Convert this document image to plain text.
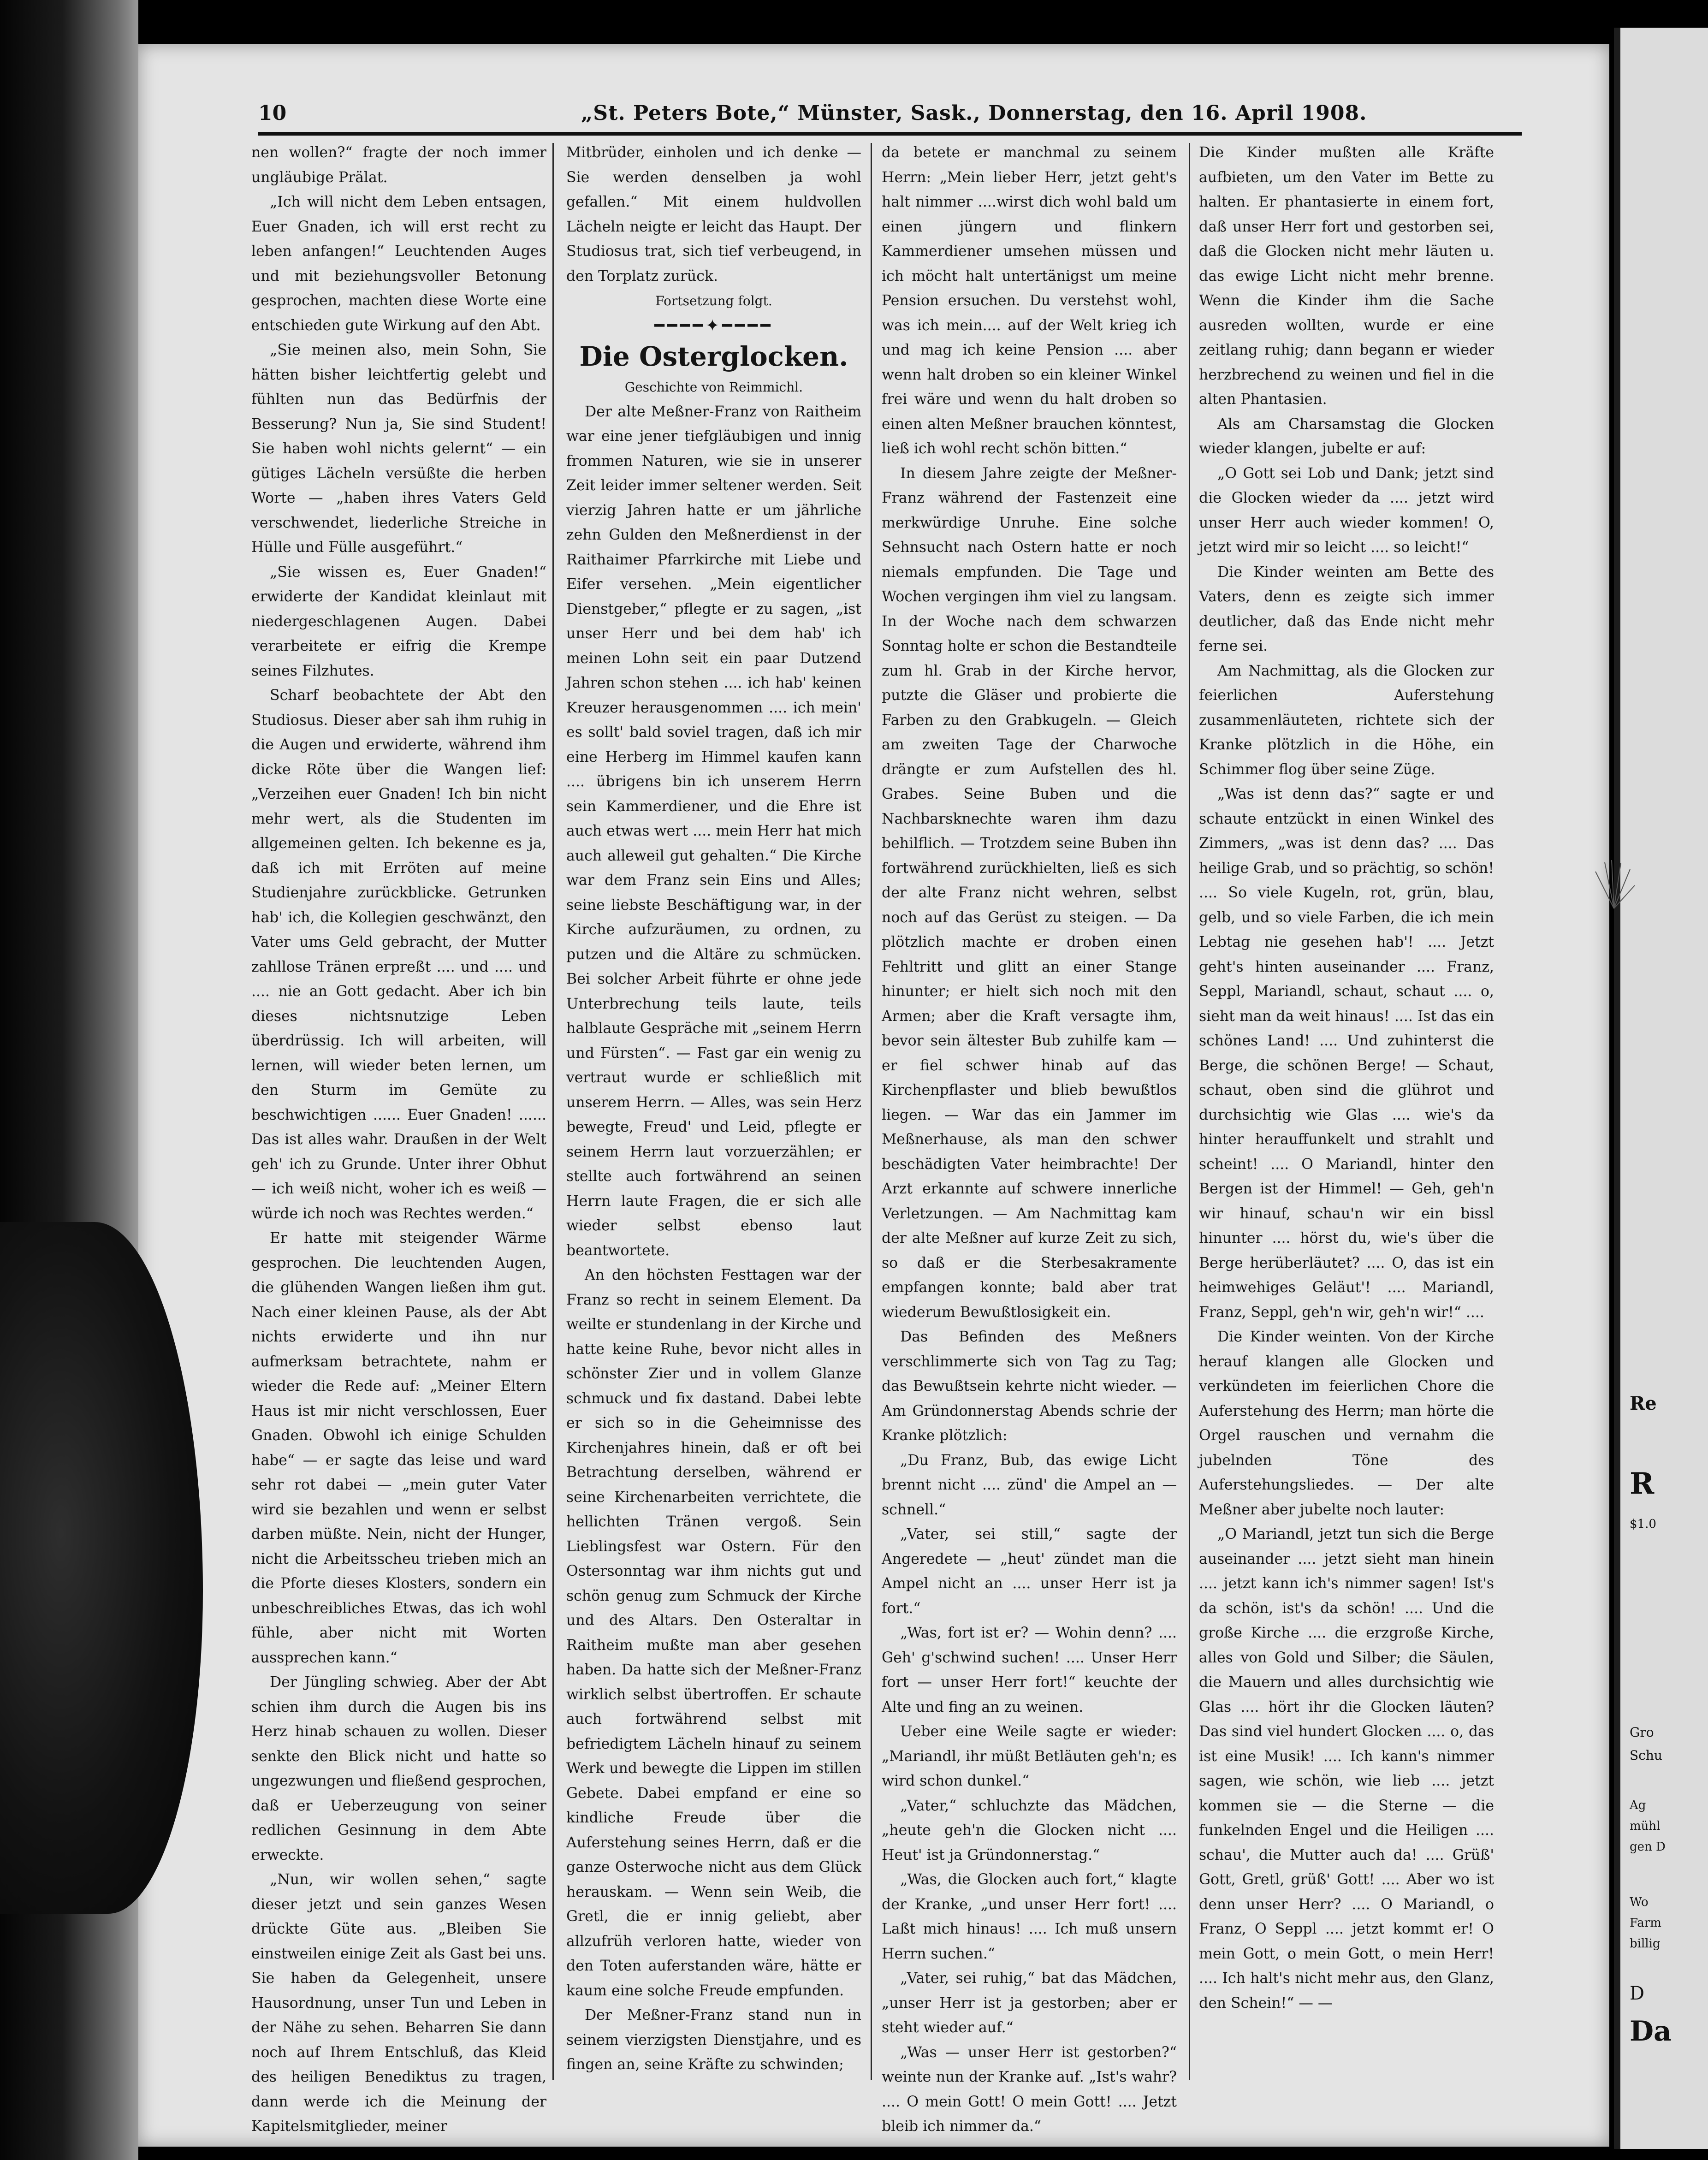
Gro
Schu
Ag
mühl
gen D
Wo
Farm
billig
D
Da
Re
R
$1.0
10	„St. Peters Bote,“ Münster, Sask., Donnerstag, den 16. April 1908.

nen wollen?“ fragte der noch immer ungläubige Prälat.

„Ich will nicht dem Leben entsagen, Euer Gnaden, ich will erst recht zu leben anfangen!“ Leuchtenden Auges und mit beziehungsvoller Betonung gesprochen, machten diese Worte eine entschieden gute Wirkung auf den Abt.

„Sie meinen also, mein Sohn, Sie hätten bisher leichtfertig gelebt und fühlten nun das Bedürfnis der Besserung? Nun ja, Sie sind Student! Sie haben wohl nichts gelernt“ — ein gütiges Lächeln versüßte die herben Worte — „haben ihres Vaters Geld verschwendet, liederliche Streiche in Hülle und Fülle ausgeführt.“

„Sie wissen es, Euer Gnaden!“ erwiderte der Kandidat kleinlaut mit niedergeschlagenen Augen. Dabei verarbeitete er eifrig die Krempe seines Filzhutes.

Scharf beobachtete der Abt den Studiosus. Dieser aber sah ihm ruhig in die Augen und erwiderte, während ihm dicke Röte über die Wangen lief: „Verzeihen euer Gnaden! Ich bin nicht mehr wert, als die Studenten im allgemeinen gelten. Ich bekenne es ja, daß ich mit Erröten auf meine Studienjahre zurückblicke. Getrunken hab' ich, die Kollegien geschwänzt, den Vater ums Geld gebracht, der Mutter zahllose Tränen erpreßt .... und .... und .... nie an Gott gedacht. Aber ich bin dieses nichtsnutzige Leben überdrüssig. Ich will arbeiten, will lernen, will wieder beten lernen, um den Sturm im Gemüte zu beschwichtigen ...... Euer Gnaden! ...... Das ist alles wahr. Draußen in der Welt geh' ich zu Grunde. Unter ihrer Obhut — ich weiß nicht, woher ich es weiß — würde ich noch was Rechtes werden.“

Er hatte mit steigender Wärme gesprochen. Die leuchtenden Augen, die glühenden Wangen ließen ihm gut. Nach einer kleinen Pause, als der Abt nichts erwiderte und ihn nur aufmerksam betrachtete, nahm er wieder die Rede auf: „Meiner Eltern Haus ist mir nicht verschlossen, Euer Gnaden. Obwohl ich einige Schulden habe“ — er sagte das leise und ward sehr rot dabei — „mein guter Vater wird sie bezahlen und wenn er selbst darben müßte. Nein, nicht der Hunger, nicht die Arbeitsscheu trieben mich an die Pforte dieses Klosters, sondern ein unbeschreibliches Etwas, das ich wohl fühle, aber nicht mit Worten aussprechen kann.“

Der Jüngling schwieg. Aber der Abt schien ihm durch die Augen bis ins Herz hinab schauen zu wollen. Dieser senkte den Blick nicht und hatte so ungezwungen und fließend gesprochen, daß er Ueberzeugung von seiner redlichen Gesinnung in dem Abte erweckte.

„Nun, wir wollen sehen,“ sagte dieser jetzt und sein ganzes Wesen drückte Güte aus. „Bleiben Sie einstweilen einige Zeit als Gast bei uns. Sie haben da Gelegenheit, unsere Hausordnung, unser Tun und Leben in der Nähe zu sehen. Beharren Sie dann noch auf Ihrem Entschluß, das Kleid des heiligen Benediktus zu tragen, dann werde ich die Meinung der Kapitelsmitglieder, meiner

Mitbrüder, einholen und ich denke — Sie werden denselben ja wohl gefallen.“ Mit einem huldvollen Lächeln neigte er leicht das Haupt. Der Studiosus trat, sich tief verbeugend, in den Torplatz zurück.

Fortsetzung folgt.

━━━━✦━━━━

Die Osterglocken.

Geschichte von Reimmichl.

Der alte Meßner-Franz von Raitheim war eine jener tiefgläubigen und innig frommen Naturen, wie sie in unserer Zeit leider immer seltener werden. Seit vierzig Jahren hatte er um jährliche zehn Gulden den Meßnerdienst in der Raithaimer Pfarrkirche mit Liebe und Eifer versehen. „Mein eigentlicher Dienstgeber,“ pflegte er zu sagen, „ist unser Herr und bei dem hab' ich meinen Lohn seit ein paar Dutzend Jahren schon stehen .... ich hab' keinen Kreuzer herausgenommen .... ich mein' es sollt' bald soviel tragen, daß ich mir eine Herberg im Himmel kaufen kann .... übrigens bin ich unserem Herrn sein Kammerdiener, und die Ehre ist auch etwas wert .... mein Herr hat mich auch alleweil gut gehalten.“ Die Kirche war dem Franz sein Eins und Alles; seine liebste Beschäftigung war, in der Kirche aufzuräumen, zu ordnen, zu putzen und die Altäre zu schmücken. Bei solcher Arbeit führte er ohne jede Unterbrechung teils laute, teils halblaute Gespräche mit „seinem Herrn und Fürsten“. — Fast gar ein wenig zu vertraut wurde er schließlich mit unserem Herrn. — Alles, was sein Herz bewegte, Freud' und Leid, pflegte er seinem Herrn laut vorzuerzählen; er stellte auch fortwährend an seinen Herrn laute Fragen, die er sich alle wieder selbst ebenso laut beantwortete.

An den höchsten Festtagen war der Franz so recht in seinem Element. Da weilte er stundenlang in der Kirche und hatte keine Ruhe, bevor nicht alles in schönster Zier und in vollem Glanze schmuck und fix dastand. Dabei lebte er sich so in die Geheimnisse des Kirchenjahres hinein, daß er oft bei Betrachtung derselben, während er seine Kirchenarbeiten verrichtete, die hellichten Tränen vergoß. Sein Lieblingsfest war Ostern. Für den Ostersonntag war ihm nichts gut und schön genug zum Schmuck der Kirche und des Altars. Den Osteraltar in Raitheim mußte man aber gesehen haben. Da hatte sich der Meßner-Franz wirklich selbst übertroffen. Er schaute auch fortwährend selbst mit befriedigtem Lächeln hinauf zu seinem Werk und bewegte die Lippen im stillen Gebete. Dabei empfand er eine so kindliche Freude über die Auferstehung seines Herrn, daß er die ganze Osterwoche nicht aus dem Glück herauskam. — Wenn sein Weib, die Gretl, die er innig geliebt, aber allzufrüh verloren hatte, wieder von den Toten auferstanden wäre, hätte er kaum eine solche Freude empfunden.

Der Meßner-Franz stand nun in seinem vierzigsten Dienstjahre, und es fingen an, seine Kräfte zu schwinden;

da betete er manchmal zu seinem Herrn: „Mein lieber Herr, jetzt geht's halt nimmer ....wirst dich wohl bald um einen jüngern und flinkern Kammerdiener umsehen müssen und ich möcht halt untertänigst um meine Pension ersuchen. Du verstehst wohl, was ich mein.... auf der Welt krieg ich und mag ich keine Pension .... aber wenn halt droben so ein kleiner Winkel frei wäre und wenn du halt droben so einen alten Meßner brauchen könntest, ließ ich wohl recht schön bitten.“

In diesem Jahre zeigte der Meßner-Franz während der Fastenzeit eine merkwürdige Unruhe. Eine solche Sehnsucht nach Ostern hatte er noch niemals empfunden. Die Tage und Wochen vergingen ihm viel zu langsam. In der Woche nach dem schwarzen Sonntag holte er schon die Bestandteile zum hl. Grab in der Kirche hervor, putzte die Gläser und probierte die Farben zu den Grabkugeln. — Gleich am zweiten Tage der Charwoche drängte er zum Aufstellen des hl. Grabes. Seine Buben und die Nachbarsknechte waren ihm dazu behilflich. — Trotzdem seine Buben ihn fortwährend zurückhielten, ließ es sich der alte Franz nicht wehren, selbst noch auf das Gerüst zu steigen. — Da plötzlich machte er droben einen Fehltritt und glitt an einer Stange hinunter; er hielt sich noch mit den Armen; aber die Kraft versagte ihm, bevor sein ältester Bub zuhilfe kam — er fiel schwer hinab auf das Kirchenpflaster und blieb bewußtlos liegen. — War das ein Jammer im Meßnerhause, als man den schwer beschädigten Vater heimbrachte! Der Arzt erkannte auf schwere innerliche Verletzungen. — Am Nachmittag kam der alte Meßner auf kurze Zeit zu sich, so daß er die Sterbesakramente empfangen konnte; bald aber trat wiederum Bewußtlosigkeit ein.

Das Befinden des Meßners verschlimmerte sich von Tag zu Tag; das Bewußtsein kehrte nicht wieder. — Am Gründonnerstag Abends schrie der Kranke plötzlich:

„Du Franz, Bub, das ewige Licht brennt nicht .... zünd' die Ampel an — schnell.“

„Vater, sei still,“ sagte der Angeredete — „heut' zündet man die Ampel nicht an .... unser Herr ist ja fort.“

„Was, fort ist er? — Wohin denn? .... Geh' g'schwind suchen! .... Unser Herr fort — unser Herr fort!“ keuchte der Alte und fing an zu weinen.

Ueber eine Weile sagte er wieder: „Mariandl, ihr müßt Betläuten geh'n; es wird schon dunkel.“

„Vater,“ schluchzte das Mädchen, „heute geh'n die Glocken nicht .... Heut' ist ja Gründonnerstag.“

„Was, die Glocken auch fort,“ klagte der Kranke, „und unser Herr fort! .... Laßt mich hinaus! .... Ich muß unsern Herrn suchen.“

„Vater, sei ruhig,“ bat das Mädchen, „unser Herr ist ja gestorben; aber er steht wieder auf.“

„Was — unser Herr ist gestorben?“ weinte nun der Kranke auf. „Ist's wahr? .... O mein Gott! O mein Gott! .... Jetzt bleib ich nimmer da.“

Die Kinder mußten alle Kräfte aufbieten, um den Vater im Bette zu halten. Er phantasierte in einem fort, daß unser Herr fort und gestorben sei, daß die Glocken nicht mehr läuten u. das ewige Licht nicht mehr brenne. Wenn die Kinder ihm die Sache ausreden wollten, wurde er eine zeitlang ruhig; dann begann er wieder herzbrechend zu weinen und fiel in die alten Phantasien.

Als am Charsamstag die Glocken wieder klangen, jubelte er auf:

„O Gott sei Lob und Dank; jetzt sind die Glocken wieder da .... jetzt wird unser Herr auch wieder kommen! O, jetzt wird mir so leicht .... so leicht!“

Die Kinder weinten am Bette des Vaters, denn es zeigte sich immer deutlicher, daß das Ende nicht mehr ferne sei.

Am Nachmittag, als die Glocken zur feierlichen Auferstehung zusammenläuteten, richtete sich der Kranke plötzlich in die Höhe, ein Schimmer flog über seine Züge.

„Was ist denn das?“ sagte er und schaute entzückt in einen Winkel des Zimmers, „was ist denn das? .... Das heilige Grab, und so prächtig, so schön! .... So viele Kugeln, rot, grün, blau, gelb, und so viele Farben, die ich mein Lebtag nie gesehen hab'! .... Jetzt geht's hinten auseinander .... Franz, Seppl, Mariandl, schaut, schaut .... o, sieht man da weit hinaus! .... Ist das ein schönes Land! .... Und zuhinterst die Berge, die schönen Berge! — Schaut, schaut, oben sind die glührot und durchsichtig wie Glas .... wie's da hinter herauffunkelt und strahlt und scheint! .... O Mariandl, hinter den Bergen ist der Himmel! — Geh, geh'n wir hinauf, schau'n wir ein bissl hinunter .... hörst du, wie's über die Berge herüberläutet? .... O, das ist ein heimwehiges Geläut'! .... Mariandl, Franz, Seppl, geh'n wir, geh'n wir!“ ....

Die Kinder weinten. Von der Kirche herauf klangen alle Glocken und verkündeten im feierlichen Chore die Auferstehung des Herrn; man hörte die Orgel rauschen und vernahm die jubelnden Töne des Auferstehungsliedes. — Der alte Meßner aber jubelte noch lauter:

„O Mariandl, jetzt tun sich die Berge auseinander .... jetzt sieht man hinein .... jetzt kann ich's nimmer sagen! Ist's da schön, ist's da schön! .... Und die große Kirche .... die erzgroße Kirche, alles von Gold und Silber; die Säulen, die Mauern und alles durchsichtig wie Glas .... hört ihr die Glocken läuten? Das sind viel hundert Glocken .... o, das ist eine Musik! .... Ich kann's nimmer sagen, wie schön, wie lieb .... jetzt kommen sie — die Sterne — die funkelnden Engel und die Heiligen .... schau', die Mutter auch da! .... Grüß' Gott, Gretl, grüß' Gott! .... Aber wo ist denn unser Herr? .... O Mariandl, o Franz, O Seppl .... jetzt kommt er! O mein Gott, o mein Gott, o mein Herr! .... Ich halt's nicht mehr aus, den Glanz, den Schein!“ — —
